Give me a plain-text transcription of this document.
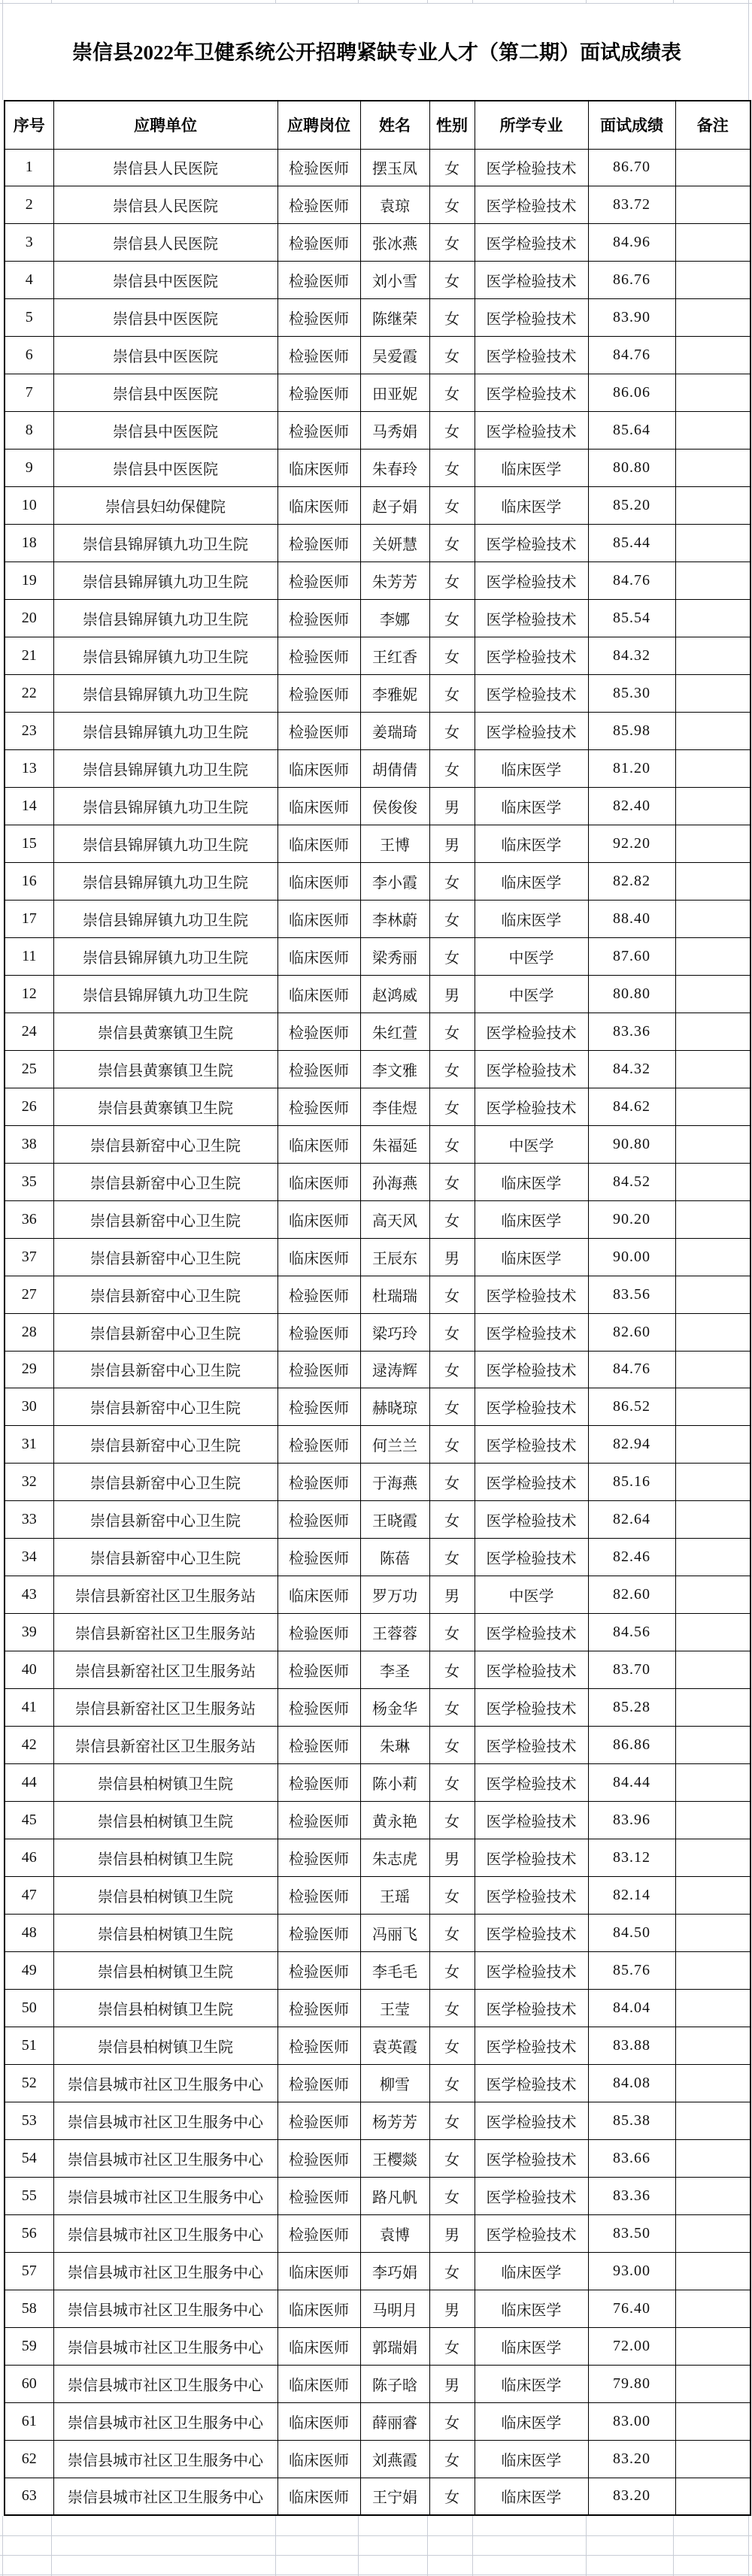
崇信县2022年卫健系统公开招聘紧缺专业人才（第二期）面试成绩表
序号	应聘单位	应聘岗位	姓名	性别	所学专业	面试成绩	备注
1	崇信县人民医院	检验医师	摆玉凤	女	医学检验技术	86.70	
2	崇信县人民医院	检验医师	袁琼	女	医学检验技术	83.72	
3	崇信县人民医院	检验医师	张冰燕	女	医学检验技术	84.96	
4	崇信县中医医院	检验医师	刘小雪	女	医学检验技术	86.76	
5	崇信县中医医院	检验医师	陈继荣	女	医学检验技术	83.90	
6	崇信县中医医院	检验医师	吴爱霞	女	医学检验技术	84.76	
7	崇信县中医医院	检验医师	田亚妮	女	医学检验技术	86.06	
8	崇信县中医医院	检验医师	马秀娟	女	医学检验技术	85.64	
9	崇信县中医医院	临床医师	朱春玲	女	临床医学	80.80	
10	崇信县妇幼保健院	临床医师	赵子娟	女	临床医学	85.20	
18	崇信县锦屏镇九功卫生院	检验医师	关妍慧	女	医学检验技术	85.44	
19	崇信县锦屏镇九功卫生院	检验医师	朱芳芳	女	医学检验技术	84.76	
20	崇信县锦屏镇九功卫生院	检验医师	李娜	女	医学检验技术	85.54	
21	崇信县锦屏镇九功卫生院	检验医师	王红香	女	医学检验技术	84.32	
22	崇信县锦屏镇九功卫生院	检验医师	李雅妮	女	医学检验技术	85.30	
23	崇信县锦屏镇九功卫生院	检验医师	姜瑞琦	女	医学检验技术	85.98	
13	崇信县锦屏镇九功卫生院	临床医师	胡倩倩	女	临床医学	81.20	
14	崇信县锦屏镇九功卫生院	临床医师	侯俊俊	男	临床医学	82.40	
15	崇信县锦屏镇九功卫生院	临床医师	王博	男	临床医学	92.20	
16	崇信县锦屏镇九功卫生院	临床医师	李小霞	女	临床医学	82.82	
17	崇信县锦屏镇九功卫生院	临床医师	李林蔚	女	临床医学	88.40	
11	崇信县锦屏镇九功卫生院	临床医师	梁秀丽	女	中医学	87.60	
12	崇信县锦屏镇九功卫生院	临床医师	赵鸿威	男	中医学	80.80	
24	崇信县黄寨镇卫生院	检验医师	朱红萱	女	医学检验技术	83.36	
25	崇信县黄寨镇卫生院	检验医师	李文雅	女	医学检验技术	84.32	
26	崇信县黄寨镇卫生院	检验医师	李佳煜	女	医学检验技术	84.62	
38	崇信县新窑中心卫生院	临床医师	朱福延	女	中医学	90.80	
35	崇信县新窑中心卫生院	临床医师	孙海燕	女	临床医学	84.52	
36	崇信县新窑中心卫生院	临床医师	高天风	女	临床医学	90.20	
37	崇信县新窑中心卫生院	临床医师	王辰东	男	临床医学	90.00	
27	崇信县新窑中心卫生院	检验医师	杜瑞瑞	女	医学检验技术	83.56	
28	崇信县新窑中心卫生院	检验医师	梁巧玲	女	医学检验技术	82.60	
29	崇信县新窑中心卫生院	检验医师	逯涛辉	女	医学检验技术	84.76	
30	崇信县新窑中心卫生院	检验医师	赫晓琼	女	医学检验技术	86.52	
31	崇信县新窑中心卫生院	检验医师	何兰兰	女	医学检验技术	82.94	
32	崇信县新窑中心卫生院	检验医师	于海燕	女	医学检验技术	85.16	
33	崇信县新窑中心卫生院	检验医师	王晓霞	女	医学检验技术	82.64	
34	崇信县新窑中心卫生院	检验医师	陈蓓	女	医学检验技术	82.46	
43	崇信县新窑社区卫生服务站	临床医师	罗万功	男	中医学	82.60	
39	崇信县新窑社区卫生服务站	检验医师	王蓉蓉	女	医学检验技术	84.56	
40	崇信县新窑社区卫生服务站	检验医师	李圣	女	医学检验技术	83.70	
41	崇信县新窑社区卫生服务站	检验医师	杨金华	女	医学检验技术	85.28	
42	崇信县新窑社区卫生服务站	检验医师	朱琳	女	医学检验技术	86.86	
44	崇信县柏树镇卫生院	检验医师	陈小莉	女	医学检验技术	84.44	
45	崇信县柏树镇卫生院	检验医师	黄永艳	女	医学检验技术	83.96	
46	崇信县柏树镇卫生院	检验医师	朱志虎	男	医学检验技术	83.12	
47	崇信县柏树镇卫生院	检验医师	王瑶	女	医学检验技术	82.14	
48	崇信县柏树镇卫生院	检验医师	冯丽飞	女	医学检验技术	84.50	
49	崇信县柏树镇卫生院	检验医师	李毛毛	女	医学检验技术	85.76	
50	崇信县柏树镇卫生院	检验医师	王莹	女	医学检验技术	84.04	
51	崇信县柏树镇卫生院	检验医师	袁英霞	女	医学检验技术	83.88	
52	崇信县城市社区卫生服务中心	检验医师	柳雪	女	医学检验技术	84.08	
53	崇信县城市社区卫生服务中心	检验医师	杨芳芳	女	医学检验技术	85.38	
54	崇信县城市社区卫生服务中心	检验医师	王樱燚	女	医学检验技术	83.66	
55	崇信县城市社区卫生服务中心	检验医师	路凡帆	女	医学检验技术	83.36	
56	崇信县城市社区卫生服务中心	检验医师	袁博	男	医学检验技术	83.50	
57	崇信县城市社区卫生服务中心	临床医师	李巧娟	女	临床医学	93.00	
58	崇信县城市社区卫生服务中心	临床医师	马明月	男	临床医学	76.40	
59	崇信县城市社区卫生服务中心	临床医师	郭瑞娟	女	临床医学	72.00	
60	崇信县城市社区卫生服务中心	临床医师	陈子晗	男	临床医学	79.80	
61	崇信县城市社区卫生服务中心	临床医师	薛丽睿	女	临床医学	83.00	
62	崇信县城市社区卫生服务中心	临床医师	刘燕霞	女	临床医学	83.20	
63	崇信县城市社区卫生服务中心	临床医师	王宁娟	女	临床医学	83.20	
